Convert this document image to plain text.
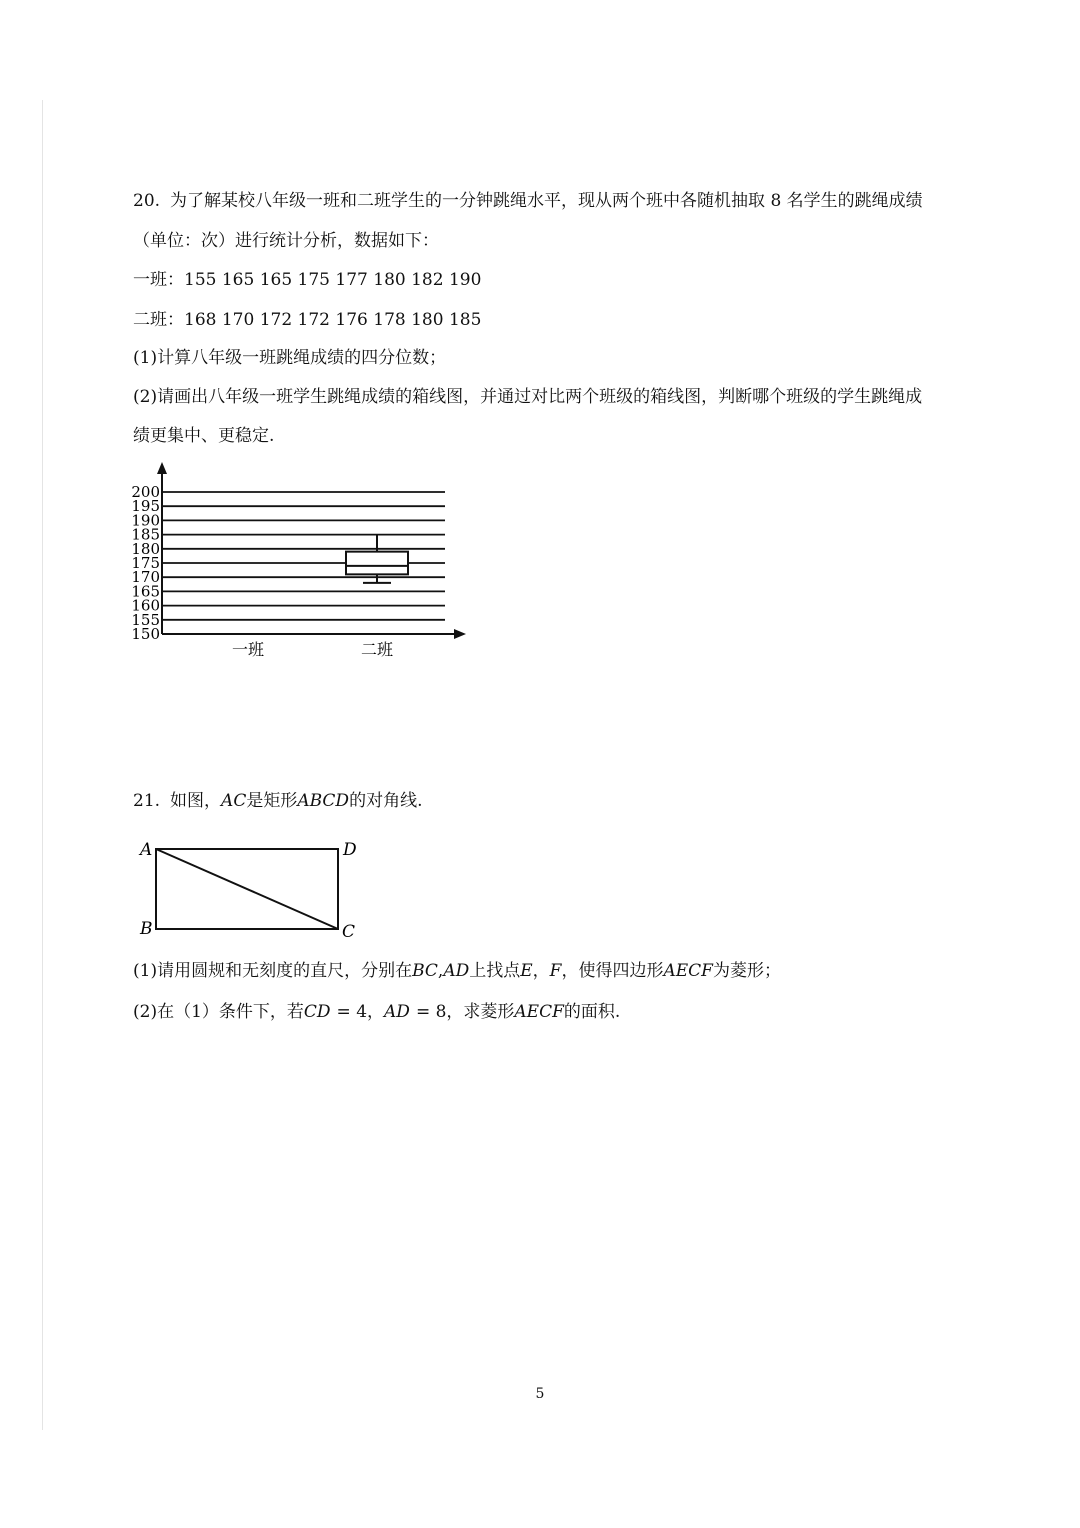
20. 为了解某校八年级一班和二班学生的一分钟跳绳水平，现从两个班中各随机抽取 8 名学生的跳绳成绩
（单位：次）进行统计分析，数据如下：
一班：155 165 165 175 177 180 182 190
二班：168 170 172 172 176 178 180 185
(1)计算八年级一班跳绳成绩的四分位数；
(2)请画出八年级一班学生跳绳成绩的箱线图，并通过对比两个班级的箱线图，判断哪个班级的学生跳绳成
绩更集中、更稳定.
150
155
160
165
170
175
180
185
190
195
200
一班	二班
21. 如图，AC是矩形ABCD的对角线.
A	D
B	C
(1)请用圆规和无刻度的直尺，分别在BC,AD上找点E，F，使得四边形AECF为菱形；
(2)在（1）条件下，若CD = 4，AD = 8，求菱形AECF的面积.
5
